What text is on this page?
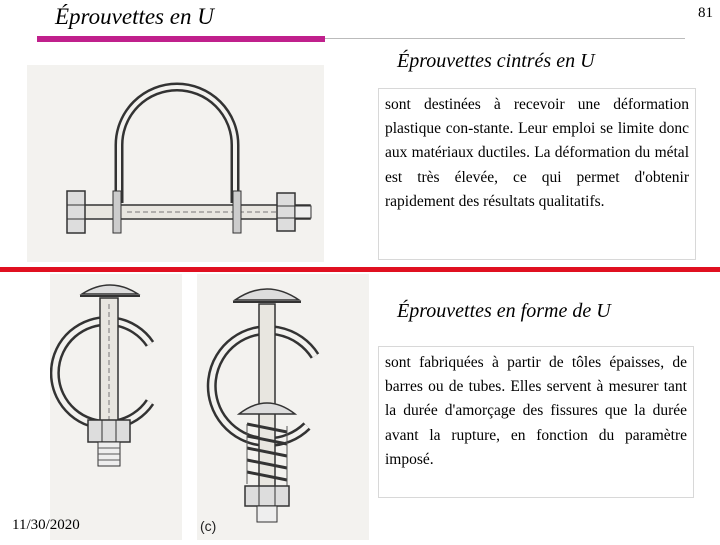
Éprouvettes en U	81
Éprouvettes cintrés en U
sont destinées à recevoir une déformation plastique con-stante. Leur emploi se limite donc aux matériaux ductiles. La déformation du métal est très élevée, ce qui permet d'obtenir rapidement des résultats qualitatifs.
(c)
Éprouvettes en forme de U
sont fabriquées à partir de tôles épaisses, de barres ou de tubes. Elles servent à mesurer tant la durée d'amorçage des fissures que la durée avant la rupture, en fonction du paramètre imposé.
11/30/2020
